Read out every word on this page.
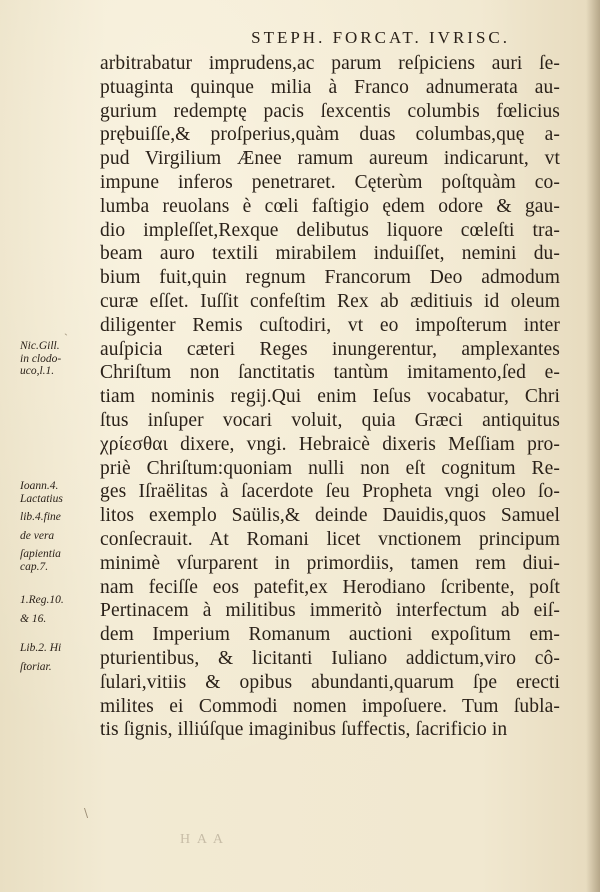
STEPH. FORCAT. IVRISC.
arbitrabatur imprudens,ac parum reſpiciens auri ſe-
ptuaginta quinque milia à Franco adnumerata au-
gurium redemptę pacis ſexcentis columbis fœlicius
prębuiſſe,& proſperius,quàm duas columbas,quę a-
pud Virgilium Ænee ramum aureum indicarunt, vt
impune inferos penetraret. Cęterùm poſtquàm co-
lumba reuolans è cœli faſtigio ędem odore & gau-
dio impleſſet,Rexque delibutus liquore cœleſti tra-
beam auro textili mirabilem induiſſet, nemini du-
bium fuit,quin regnum Francorum Deo admodum
curæ eſſet. Iuſſit confeſtim Rex ab æditiuis id oleum
diligenter Remis cuſtodiri, vt eo impoſterum inter
auſpicia cæteri Reges inungerentur, amplexantes
Chriſtum non ſanctitatis tantùm imitamento,ſed e-
tiam nominis regij.Qui enim Ieſus vocabatur, Chri
ſtus inſuper vocari voluit, quia Græci antiquitus
χρίεσθαι dixere, vngi. Hebraicè dixeris Meſſiam pro-
priè Chriſtum:quoniam nulli non eſt cognitum Re-
ges Iſraëlitas à ſacerdote ſeu Propheta vngi oleo ſo-
litos exemplo Saülis,& deinde Dauidis,quos Samuel
conſecrauit. At Romani licet vnctionem principum
minimè vſurparent in primordiis, tamen rem diui-
nam feciſſe eos patefit,ex Herodiano ſcribente, poſt
Pertinacem à militibus immeritò interfectum ab eiſ-
dem Imperium Romanum auctioni expoſitum em-
pturientibus, & licitanti Iuliano addictum,viro cô-
ſulari,vitiis & opibus abundanti,quarum ſpe erecti
milites ei Commodi nomen impoſuere. Tum ſubla-
tis ſignis, illiúſque imaginibus ſuffectis, ſacrificio in
Nic.Gill.
in clodo-
uco,l.1.
Ioann.4.
Lactatius
lib.4.fine
de vera
ſapientia
cap.7.
1.Reg.10.
& 16.
Lib.2. Hi
ſtoriar.
ˏ
\
H A A
